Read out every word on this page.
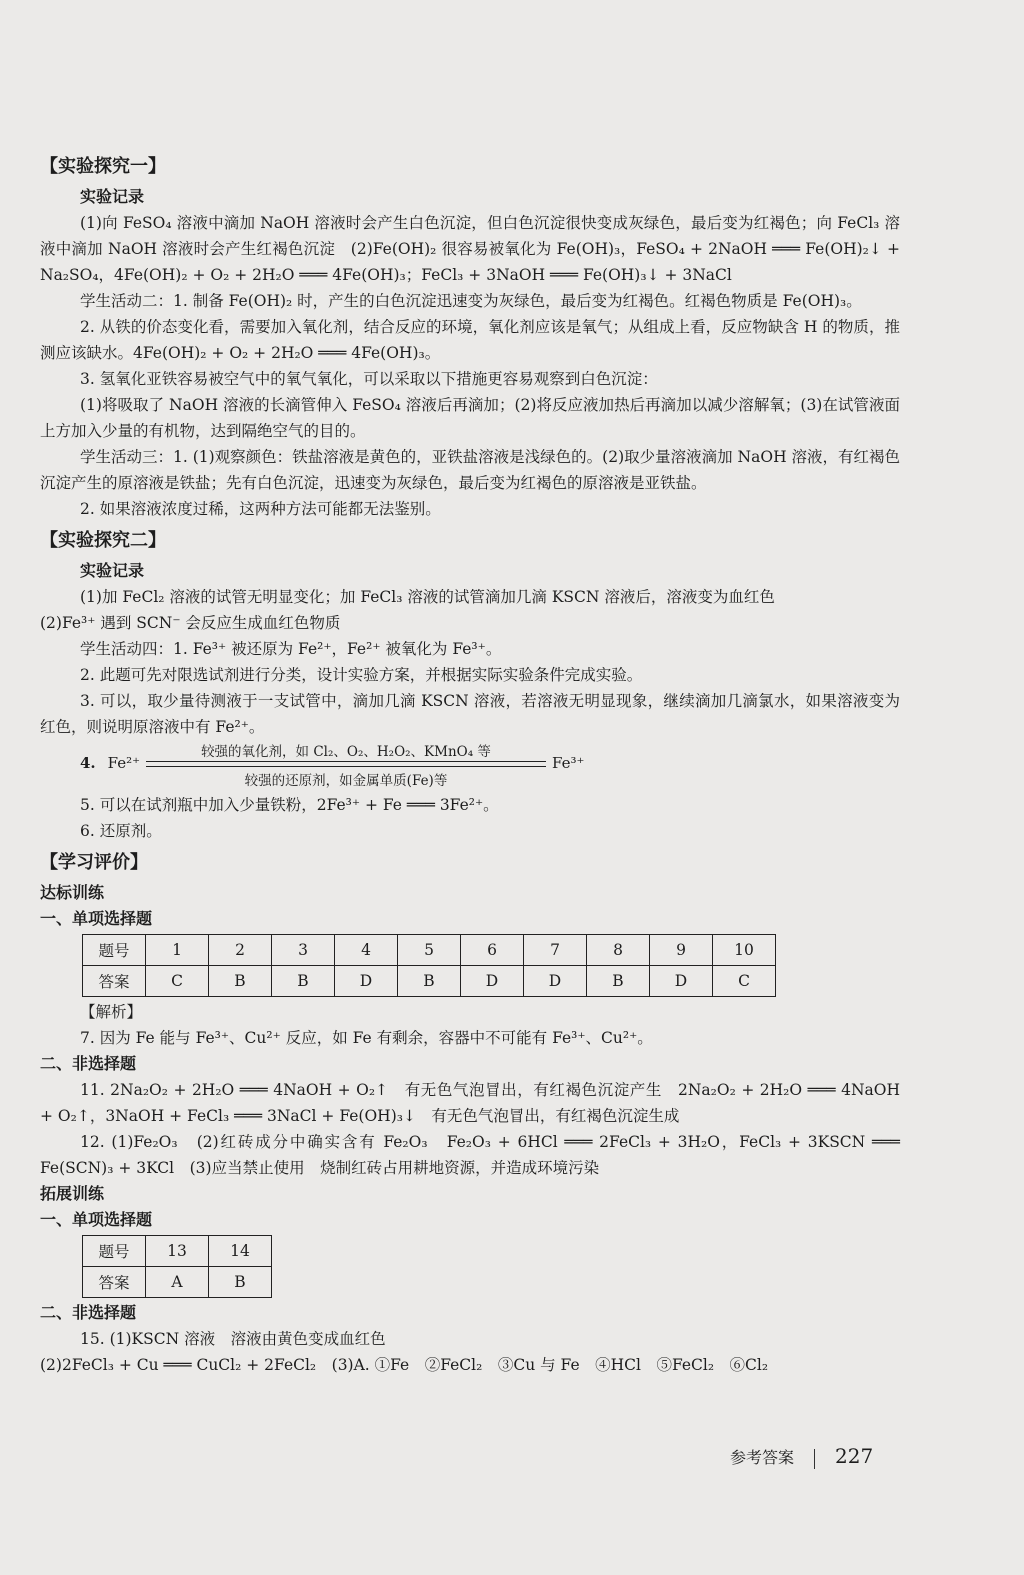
【实验探究一】
实验记录

(1)向 FeSO₄ 溶液中滴加 NaOH 溶液时会产生白色沉淀，但白色沉淀很快变成灰绿色，最后变为红褐色；向 FeCl₃ 溶液中滴加 NaOH 溶液时会产生红褐色沉淀　(2)Fe(OH)₂ 很容易被氧化为 Fe(OH)₃，FeSO₄ + 2NaOH ═══ Fe(OH)₂↓ + Na₂SO₄，4Fe(OH)₂ + O₂ + 2H₂O ═══ 4Fe(OH)₃；FeCl₃ + 3NaOH ═══ Fe(OH)₃↓ + 3NaCl

学生活动二：1. 制备 Fe(OH)₂ 时，产生的白色沉淀迅速变为灰绿色，最后变为红褐色。红褐色物质是 Fe(OH)₃。

2. 从铁的价态变化看，需要加入氧化剂，结合反应的环境，氧化剂应该是氧气；从组成上看，反应物缺含 H 的物质，推测应该缺水。4Fe(OH)₂ + O₂ + 2H₂O ═══ 4Fe(OH)₃。

3. 氢氧化亚铁容易被空气中的氧气氧化，可以采取以下措施更容易观察到白色沉淀：

(1)将吸取了 NaOH 溶液的长滴管伸入 FeSO₄ 溶液后再滴加；(2)将反应液加热后再滴加以减少溶解氧；(3)在试管液面上方加入少量的有机物，达到隔绝空气的目的。

学生活动三：1. (1)观察颜色：铁盐溶液是黄色的，亚铁盐溶液是浅绿色的。(2)取少量溶液滴加 NaOH 溶液，有红褐色沉淀产生的原溶液是铁盐；先有白色沉淀，迅速变为灰绿色，最后变为红褐色的原溶液是亚铁盐。

2. 如果溶液浓度过稀，这两种方法可能都无法鉴别。

【实验探究二】
实验记录

(1)加 FeCl₂ 溶液的试管无明显变化；加 FeCl₃ 溶液的试管滴加几滴 KSCN 溶液后，溶液变为血红色

(2)Fe³⁺ 遇到 SCN⁻ 会反应生成血红色物质

学生活动四：1. Fe³⁺ 被还原为 Fe²⁺，Fe²⁺ 被氧化为 Fe³⁺。

2. 此题可先对限选试剂进行分类，设计实验方案，并根据实际实验条件完成实验。

3. 可以，取少量待测液于一支试管中，滴加几滴 KSCN 溶液，若溶液无明显现象，继续滴加几滴氯水，如果溶液变为红色，则说明原溶液中有 Fe²⁺。

4. Fe²⁺
较强的氧化剂，如 Cl₂、O₂、H₂O₂、KMnO₄ 等
较强的还原剂，如金属单质(Fe)等
Fe³⁺

5. 可以在试剂瓶中加入少量铁粉，2Fe³⁺ + Fe ═══ 3Fe²⁺。

6. 还原剂。

【学习评价】
达标训练
一、单项选择题
题号	1	2	3	4	5	6	7	8	9	10
答案	C	B	B	D	B	D	D	B	D	C

【解析】

7. 因为 Fe 能与 Fe³⁺、Cu²⁺ 反应，如 Fe 有剩余，容器中不可能有 Fe³⁺、Cu²⁺。

二、非选择题

11. 2Na₂O₂ + 2H₂O ═══ 4NaOH + O₂↑　有无色气泡冒出，有红褐色沉淀产生　2Na₂O₂ + 2H₂O ═══ 4NaOH + O₂↑，3NaOH + FeCl₃ ═══ 3NaCl + Fe(OH)₃↓　有无色气泡冒出，有红褐色沉淀生成

12. (1)Fe₂O₃　(2)红砖成分中确实含有 Fe₂O₃　Fe₂O₃ + 6HCl ═══ 2FeCl₃ + 3H₂O，FeCl₃ + 3KSCN ═══ Fe(SCN)₃ + 3KCl　(3)应当禁止使用　烧制红砖占用耕地资源，并造成环境污染

拓展训练
一、单项选择题
题号	13	14
答案	A	B
二、非选择题

15. (1)KSCN 溶液　溶液由黄色变成血红色

(2)2FeCl₃ + Cu ═══ CuCl₂ + 2FeCl₂　(3)A. ①Fe　②FeCl₂　③Cu 与 Fe　④HCl　⑤FeCl₂　⑥Cl₂

参考答案 227
